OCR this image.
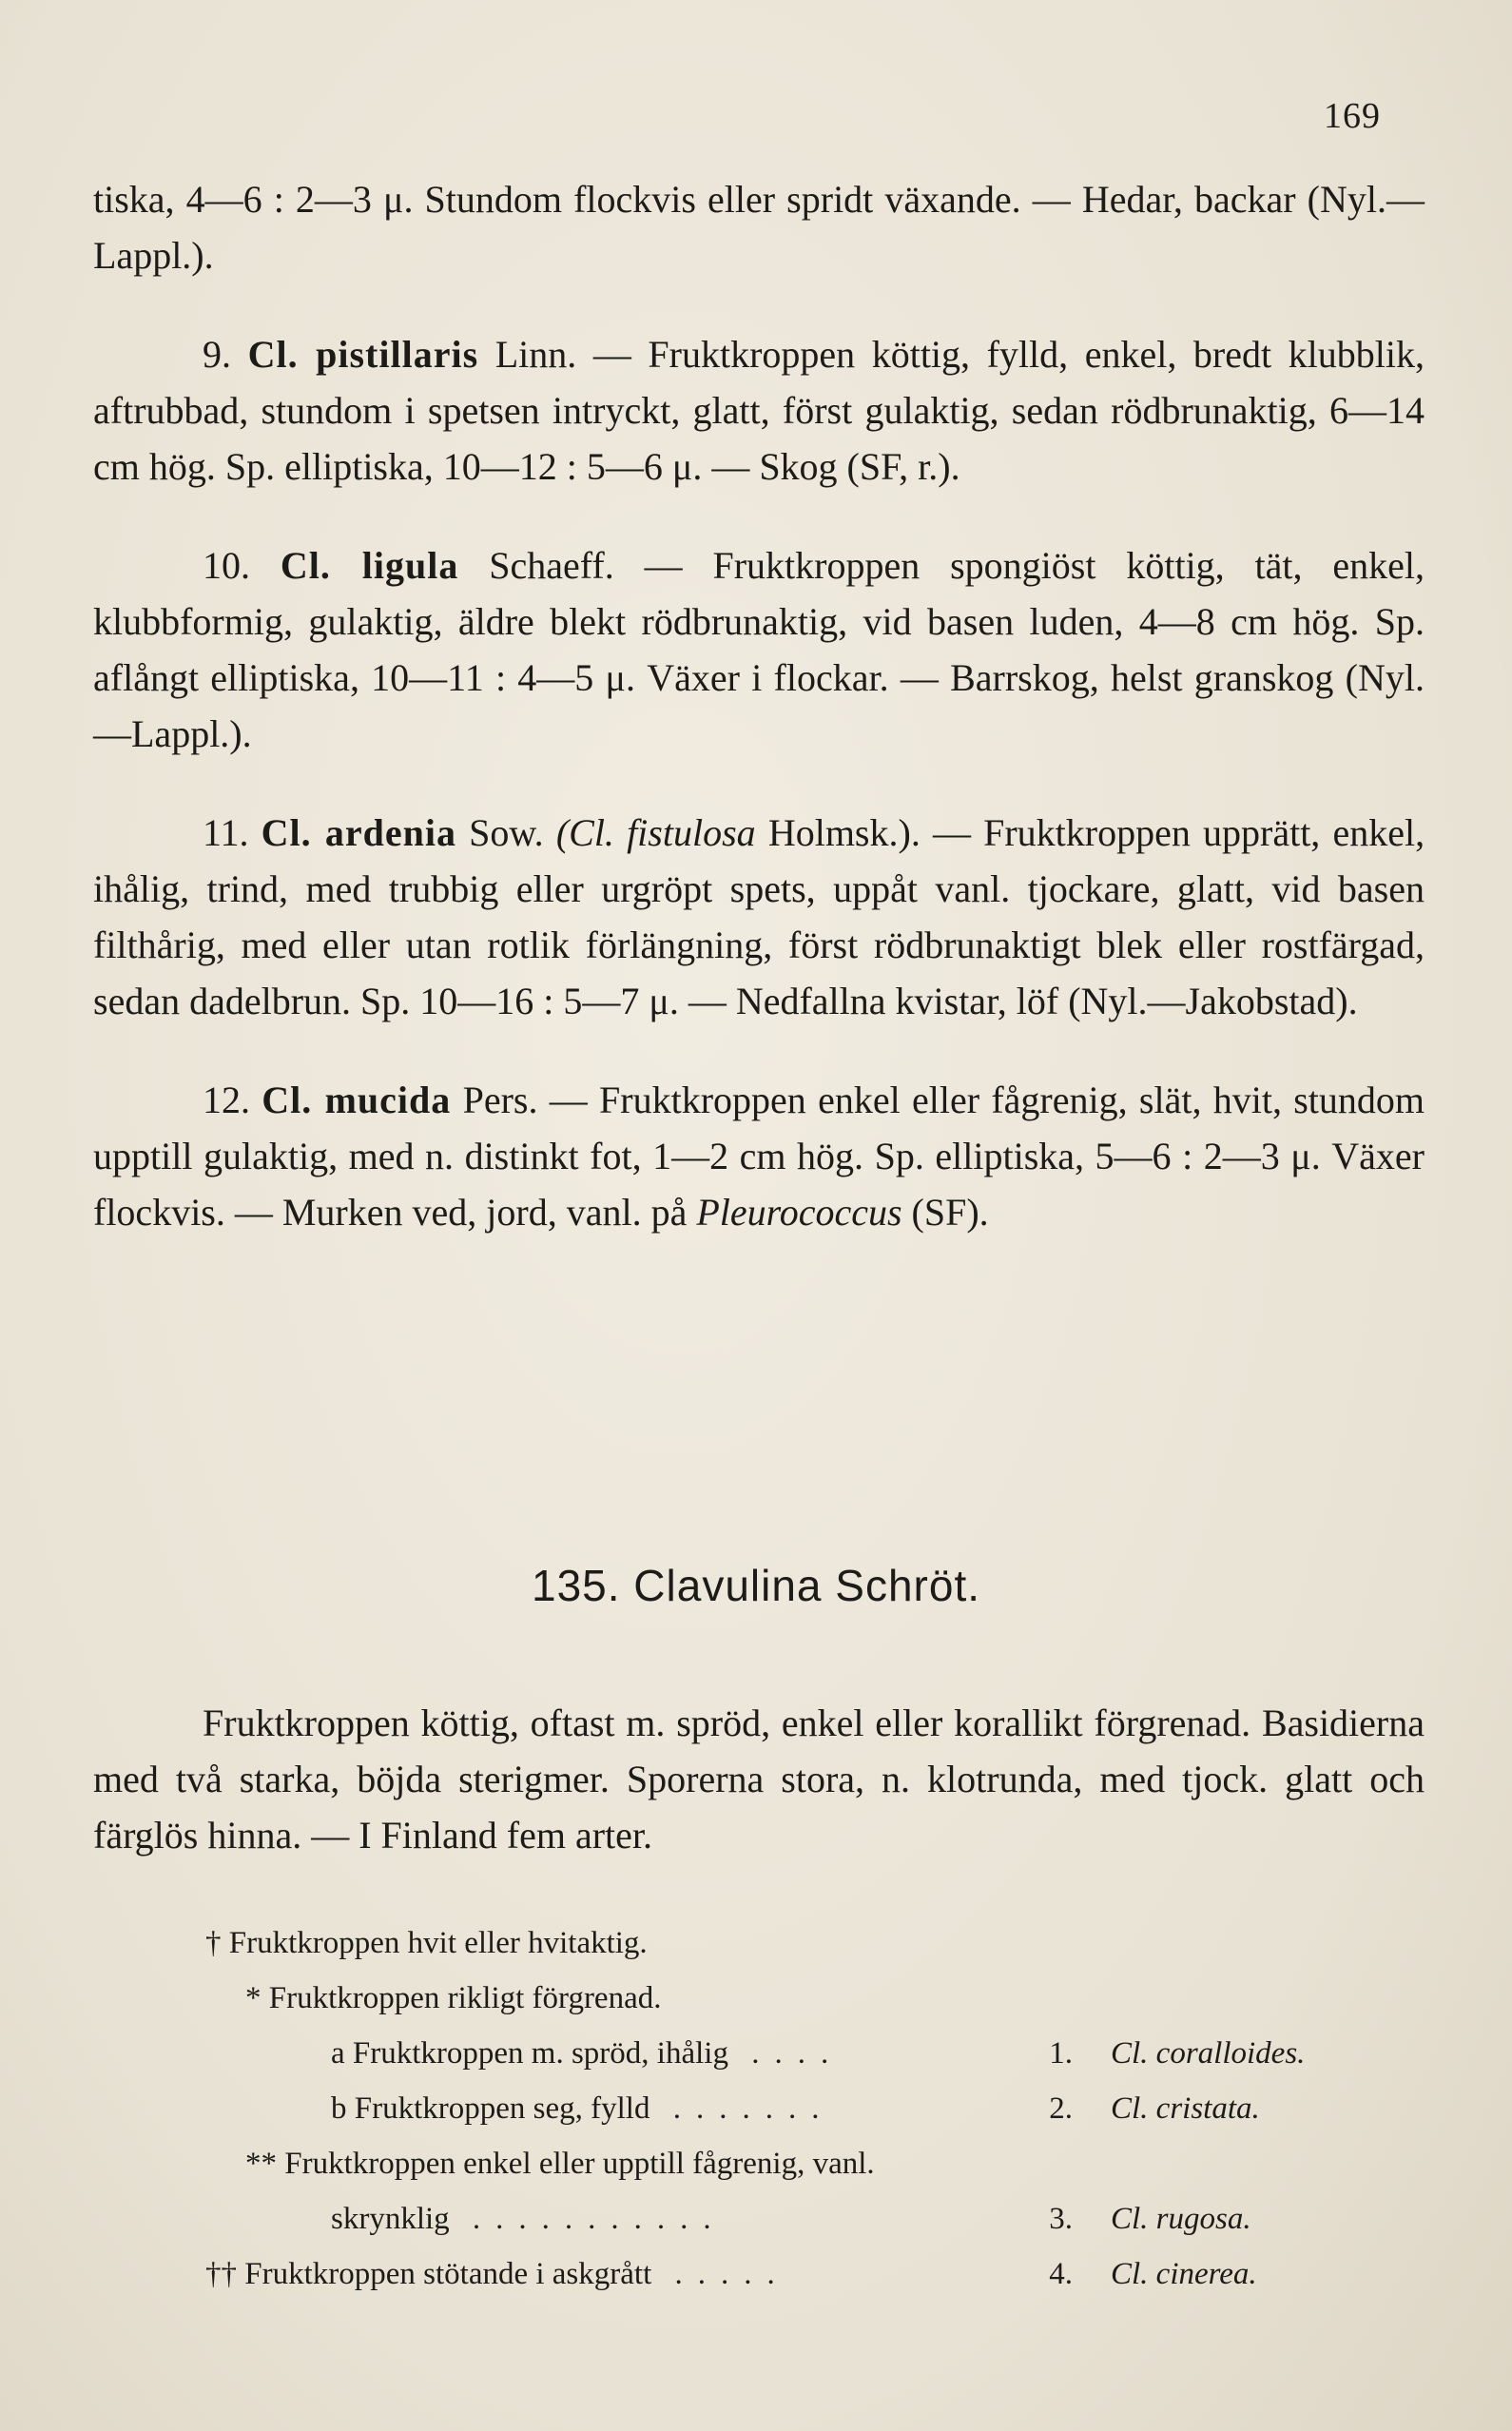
169

tiska, 4—6 : 2—3 μ. Stundom flockvis eller spridt växande. — Hedar, backar (Nyl.—Lappl.).

9. Cl. pistillaris Linn. — Fruktkroppen köttig, fylld, enkel, bredt klubblik, aftrubbad, stundom i spetsen intryckt, glatt, först gulaktig, sedan rödbrunaktig, 6—14 cm hög. Sp. elliptiska, 10—12 : 5—6 μ. — Skog (SF, r.).

10. Cl. ligula Schaeff. — Fruktkroppen spongiöst köttig, tät, enkel, klubbformig, gulaktig, äldre blekt rödbrunaktig, vid basen luden, 4—8 cm hög. Sp. aflångt elliptiska, 10—11 : 4—5 μ. Växer i flockar. — Barrskog, helst granskog (Nyl.—Lappl.).

11. Cl. ardenia Sow. (Cl. fistulosa Holmsk.). — Fruktkroppen upprätt, enkel, ihålig, trind, med trubbig eller urgröpt spets, uppåt vanl. tjockare, glatt, vid basen filthårig, med eller utan rotlik förlängning, först rödbrunaktigt blek eller rostfärgad, sedan dadelbrun. Sp. 10—16 : 5—7 μ. — Nedfallna kvistar, löf (Nyl.—Jakobstad).

12. Cl. mucida Pers. — Fruktkroppen enkel eller fågrenig, slät, hvit, stundom upptill gulaktig, med n. distinkt fot, 1—2 cm hög. Sp. elliptiska, 5—6 : 2—3 μ. Växer flockvis. — Murken ved, jord, vanl. på Pleurococcus (SF).

135. Clavulina Schröt.

Fruktkroppen köttig, oftast m. spröd, enkel eller korallikt förgrenad. Basidierna med två starka, böjda sterigmer. Sporerna stora, n. klotrunda, med tjock. glatt och färglös hinna. — I Finland fem arter.

† Fruktkroppen hvit eller hvitaktig.
* Fruktkroppen rikligt förgrenad.
a Fruktkroppen m. spröd, ihålig ....	1. Cl. coralloides.
b Fruktkroppen seg, fylld .......	2. Cl. cristata.
** Fruktkroppen enkel eller upptill fågrenig, vanl.
skrynklig ...........	3. Cl. rugosa.
†† Fruktkroppen stötande i askgrått .....	4. Cl. cinerea.
